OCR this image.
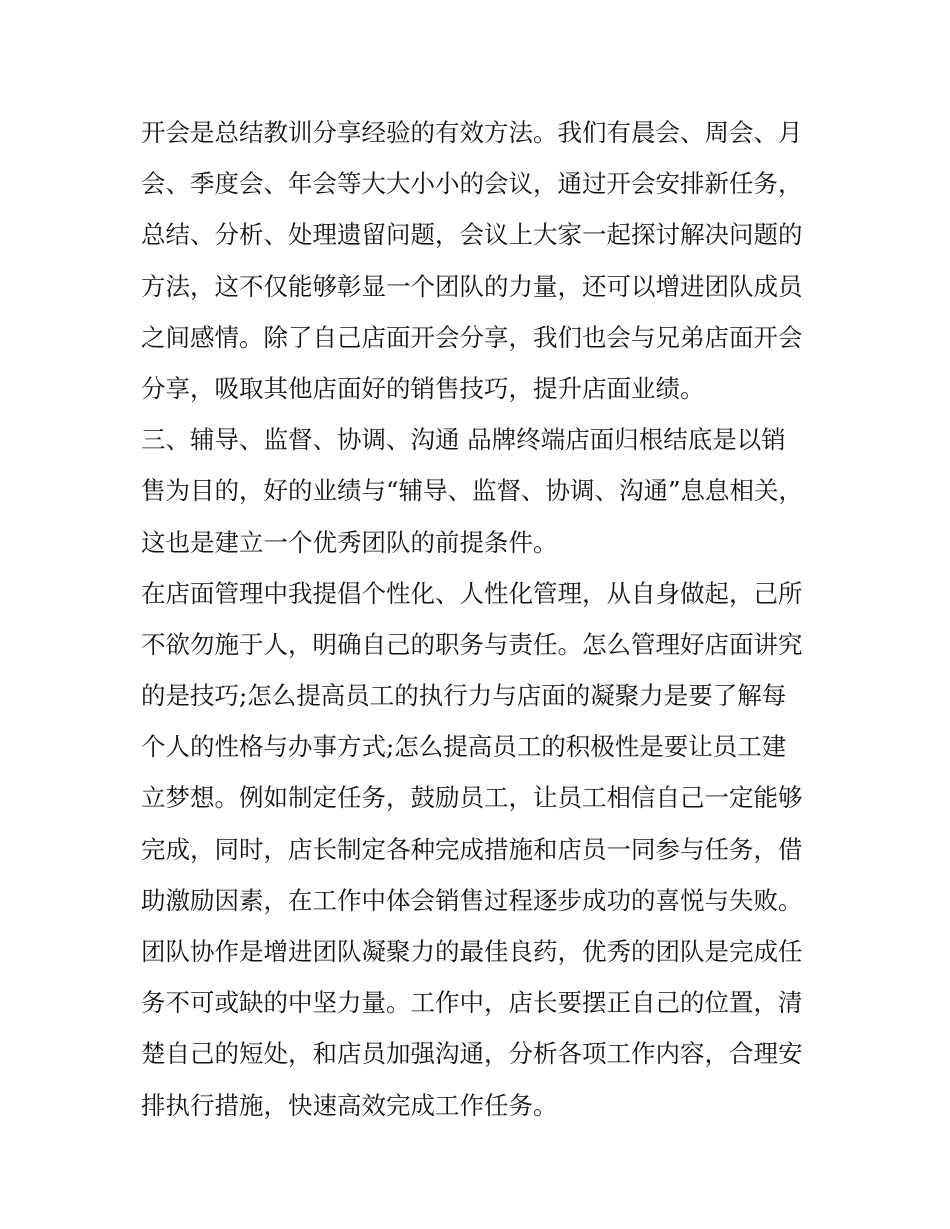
开会是总结教训分享经验的有效方法。我们有晨会、周会、月
会、季度会、年会等大大小小的会议，通过开会安排新任务，
总结、分析、处理遗留问题，会议上大家一起探讨解决问题的
方法，这不仅能够彰显一个团队的力量，还可以增进团队成员
之间感情。除了自己店面开会分享，我们也会与兄弟店面开会
分享，吸取其他店面好的销售技巧，提升店面业绩。
三、辅导、监督、协调、沟通 品牌终端店面归根结底是以销
售为目的，好的业绩与“辅导、监督、协调、沟通”息息相关，
这也是建立一个优秀团队的前提条件。
在店面管理中我提倡个性化、人性化管理，从自身做起，己所
不欲勿施于人，明确自己的职务与责任。怎么管理好店面讲究
的是技巧;怎么提高员工的执行力与店面的凝聚力是要了解每
个人的性格与办事方式;怎么提高员工的积极性是要让员工建
立梦想。例如制定任务，鼓励员工，让员工相信自己一定能够
完成，同时，店长制定各种完成措施和店员一同参与任务，借
助激励因素，在工作中体会销售过程逐步成功的喜悦与失败。
团队协作是增进团队凝聚力的最佳良药，优秀的团队是完成任
务不可或缺的中坚力量。工作中，店长要摆正自己的位置，清
楚自己的短处，和店员加强沟通，分析各项工作内容，合理安
排执行措施，快速高效完成工作任务。
